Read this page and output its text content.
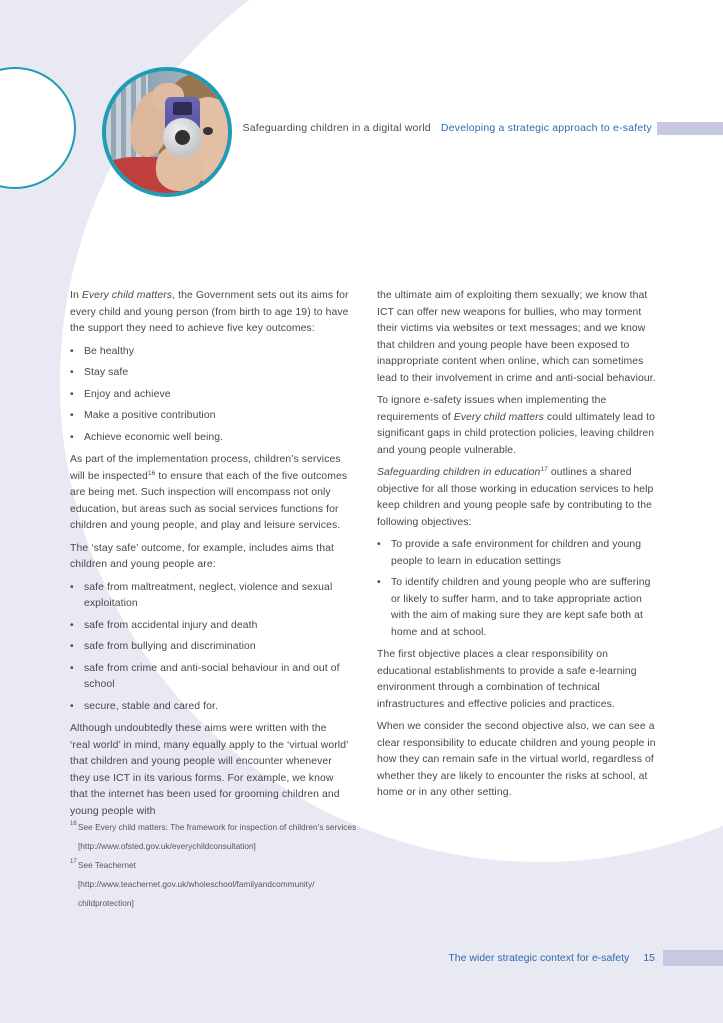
Safeguarding children in a digital world Developing a strategic approach to e-safety

In Every child matters, the Government sets out its aims for every child and young person (from birth to age 19) to have the support they need to achieve five key outcomes:

• Be healthy
• Stay safe
• Enjoy and achieve
• Make a positive contribution
• Achieve economic well being.

As part of the implementation process, children’s services will be inspected$^{16}$ to ensure that each of the five outcomes are being met. Such inspection will encompass not only education, but areas such as social services functions for children and young people, and play and leisure services.

The ‘stay safe’ outcome, for example, includes aims that children and young people are:

• safe from maltreatment, neglect, violence and sexual exploitation
• safe from accidental injury and death
• safe from bullying and discrimination
• safe from crime and anti-social behaviour in and out of school
• secure, stable and cared for.

Although undoubtedly these aims were written with the ‘real world’ in mind, many equally apply to the ‘virtual world’ that children and young people will encounter whenever they use ICT in its various forms. For example, we know that the internet has been used for grooming children and young people with

the ultimate aim of exploiting them sexually; we know that ICT can offer new weapons for bullies, who may torment their victims via websites or text messages; and we know that children and young people have been exposed to inappropriate content when online, which can sometimes lead to their involvement in crime and anti-social behaviour.

To ignore e-safety issues when implementing the requirements of Every child matters could ultimately lead to significant gaps in child protection policies, leaving children and young people vulnerable.

Safeguarding children in education$^{17}$ outlines a shared objective for all those working in education services to help keep children and young people safe by contributing to the following objectives:

• To provide a safe environment for children and young people to learn in education settings
• To identify children and young people who are suffering or likely to suffer harm, and to take appropriate action with the aim of making sure they are kept safe both at home and at school.

The first objective places a clear responsibility on educational establishments to provide a safe e-learning environment through a combination of technical infrastructures and effective policies and practices.

When we consider the second objective also, we can see a clear responsibility to educate children and young people in how they can remain safe in the virtual world, regardless of whether they are likely to encounter the risks at school, at home or in any other setting.

16 See Every child matters: The framework for inspection of children’s services
[http://www.ofsted.gov.uk/everychildconsultation]
17 See Teachernet
[http://www.teachernet.gov.uk/wholeschool/familyandcommunity/
childprotection]
The wider strategic context for e-safety 15
